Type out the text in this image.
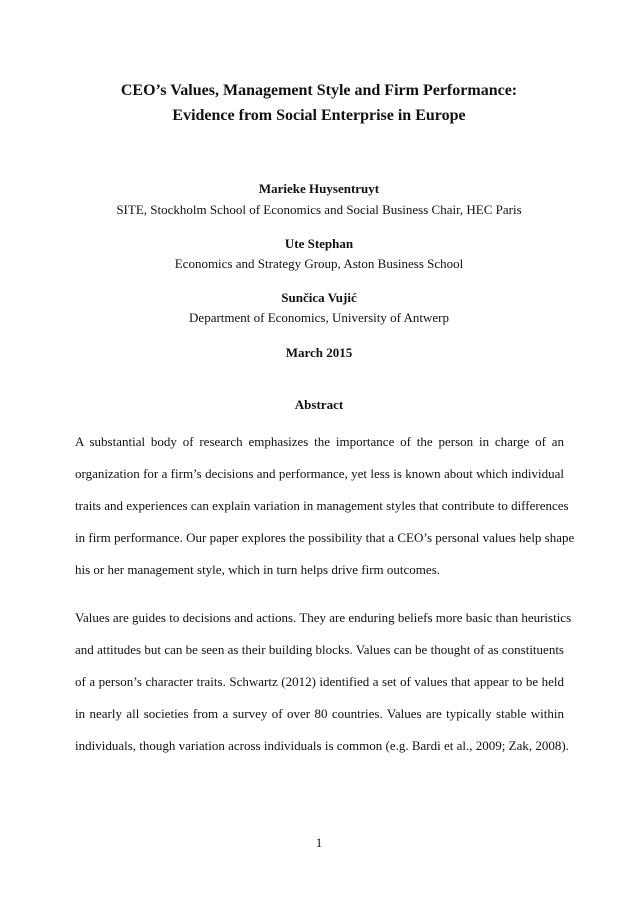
CEO’s Values, Management Style and Firm Performance:
Evidence from Social Enterprise in Europe
Marieke Huysentruyt
SITE, Stockholm School of Economics and Social Business Chair, HEC Paris
Ute Stephan
Economics and Strategy Group, Aston Business School
Sunčica Vujić
Department of Economics, University of Antwerp
March 2015
Abstract
A substantial body of research emphasizes the importance of the person in charge of an
organization for a firm’s decisions and performance, yet less is known about which individual
traits and experiences can explain variation in management styles that contribute to differences
in firm performance. Our paper explores the possibility that a CEO’s personal values help shape
his or her management style, which in turn helps drive firm outcomes.
Values are guides to decisions and actions. They are enduring beliefs more basic than heuristics
and attitudes but can be seen as their building blocks. Values can be thought of as constituents
of a person’s character traits. Schwartz (2012) identified a set of values that appear to be held
in nearly all societies from a survey of over 80 countries. Values are typically stable within
individuals, though variation across individuals is common (e.g. Bardi et al., 2009; Zak, 2008).
1
